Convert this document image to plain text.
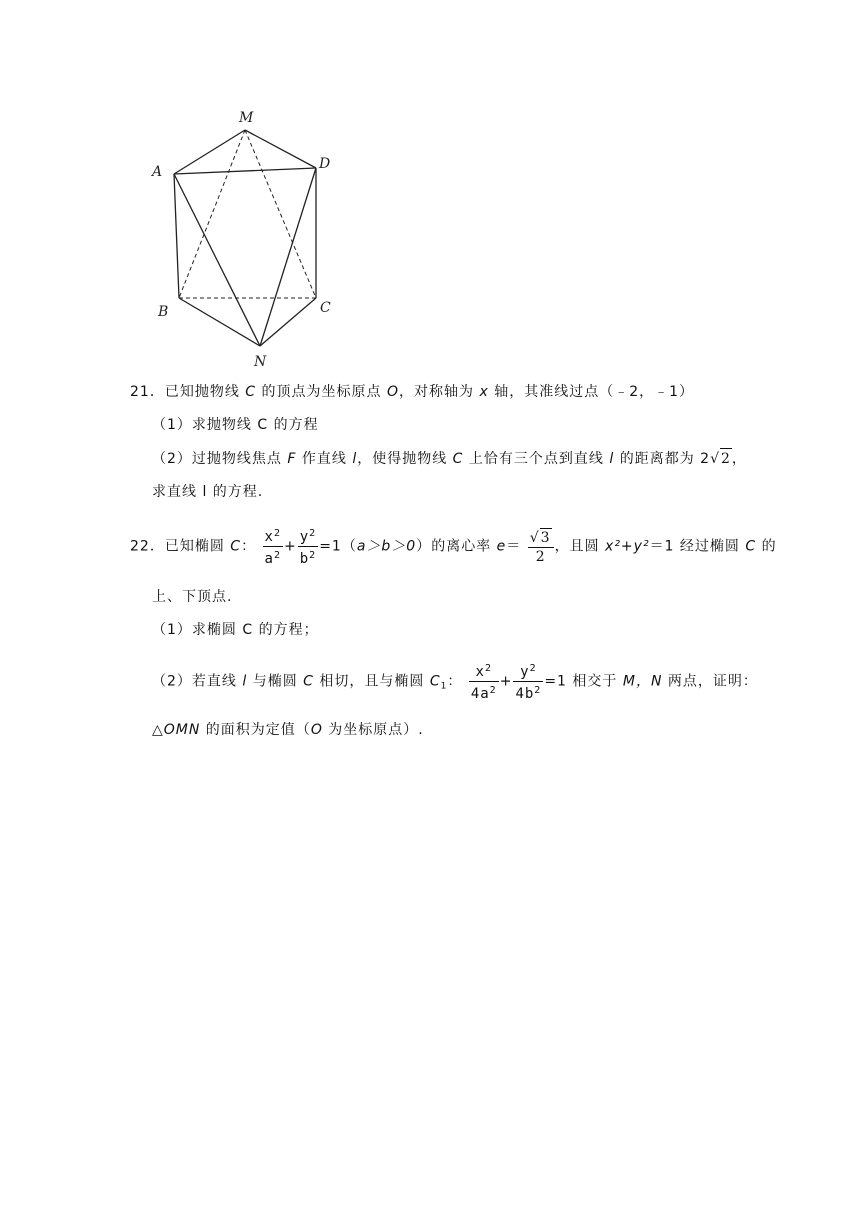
M
D
A
B	C
N
21．已知抛物线 C 的顶点为坐标原点 O，对称轴为 x 轴，其准线过点（﹣2，﹣1）
（1）求抛物线 C 的方程
（2）过抛物线焦点 F 作直线 l，使得抛物线 C 上恰有三个点到直线 l 的距离都为 2√2，
求直线 l 的方程.
22．已知椭圆 C： $\frac{x^2}{a^2} + \frac{y^2}{b^2} =1(a>b>0)$的离心率 $e= \frac{√3}{2}$ ，且圆 x²+y²＝1 经过椭圆 C 的
上、下顶点.
（1）求椭圆 C 的方程；
（2）若直线 l 与椭圆 C 相切，且与椭圆 $C_1$： $\frac{x^2}{4a^2} + \frac{y^2}{4b^2} =1$ 相交于 M，N 两点，证明：
△OMN 的面积为定值（O 为坐标原点）.
